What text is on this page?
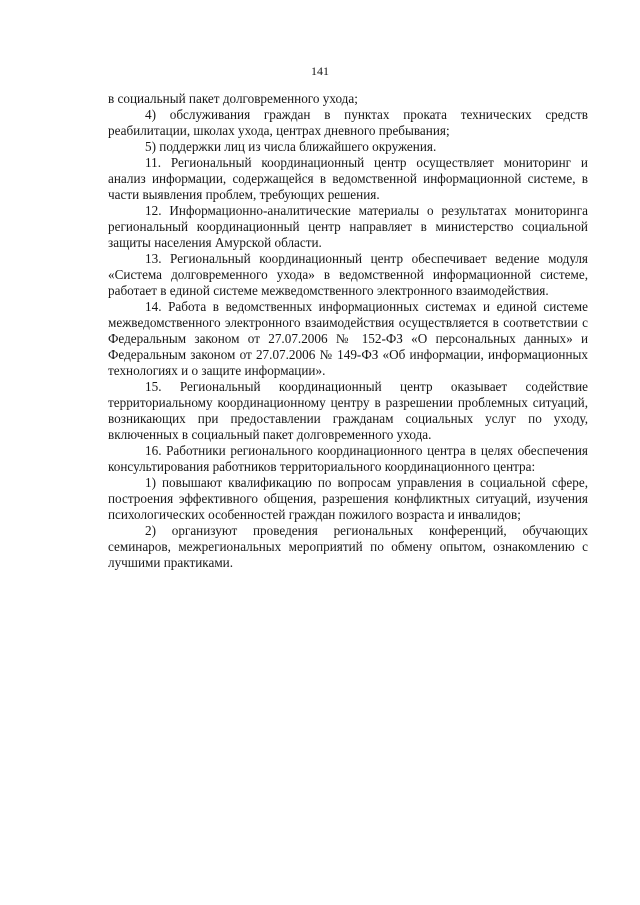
141

в социальный пакет долговременного ухода;

4) обслуживания граждан в пунктах проката технических средств реабилитации, школах ухода, центрах дневного пребывания;

5) поддержки лиц из числа ближайшего окружения.

11. Региональный координационный центр осуществляет мониторинг и анализ информации, содержащейся в ведомственной информационной системе, в части выявления проблем, требующих решения.

12. Информационно-аналитические материалы о результатах мониторинга региональный координационный центр направляет в министерство социальной защиты населения Амурской области.

13. Региональный координационный центр обеспечивает ведение модуля «Система долговременного ухода» в ведомственной информационной системе, работает в единой системе межведомственного электронного взаимодействия.

14. Работа в ведомственных информационных системах и единой системе межведомственного электронного взаимодействия осуществляется в соответствии с Федеральным законом от 27.07.2006 № 152-ФЗ «О персональных данных» и Федеральным законом от 27.07.2006 № 149-ФЗ «Об информации, информационных технологиях и о защите информации».

15. Региональный координационный центр оказывает содействие территориальному координационному центру в разрешении проблемных ситуаций, возникающих при предоставлении гражданам социальных услуг по уходу, включенных в социальный пакет долговременного ухода.

16. Работники регионального координационного центра в целях обеспечения консультирования работников территориального координационного центра:

1) повышают квалификацию по вопросам управления в социальной сфере, построения эффективного общения, разрешения конфликтных ситуаций, изучения психологических особенностей граждан пожилого возраста и инвалидов;

2) организуют проведения региональных конференций, обучающих семинаров, межрегиональных мероприятий по обмену опытом, ознакомлению с лучшими практиками.
